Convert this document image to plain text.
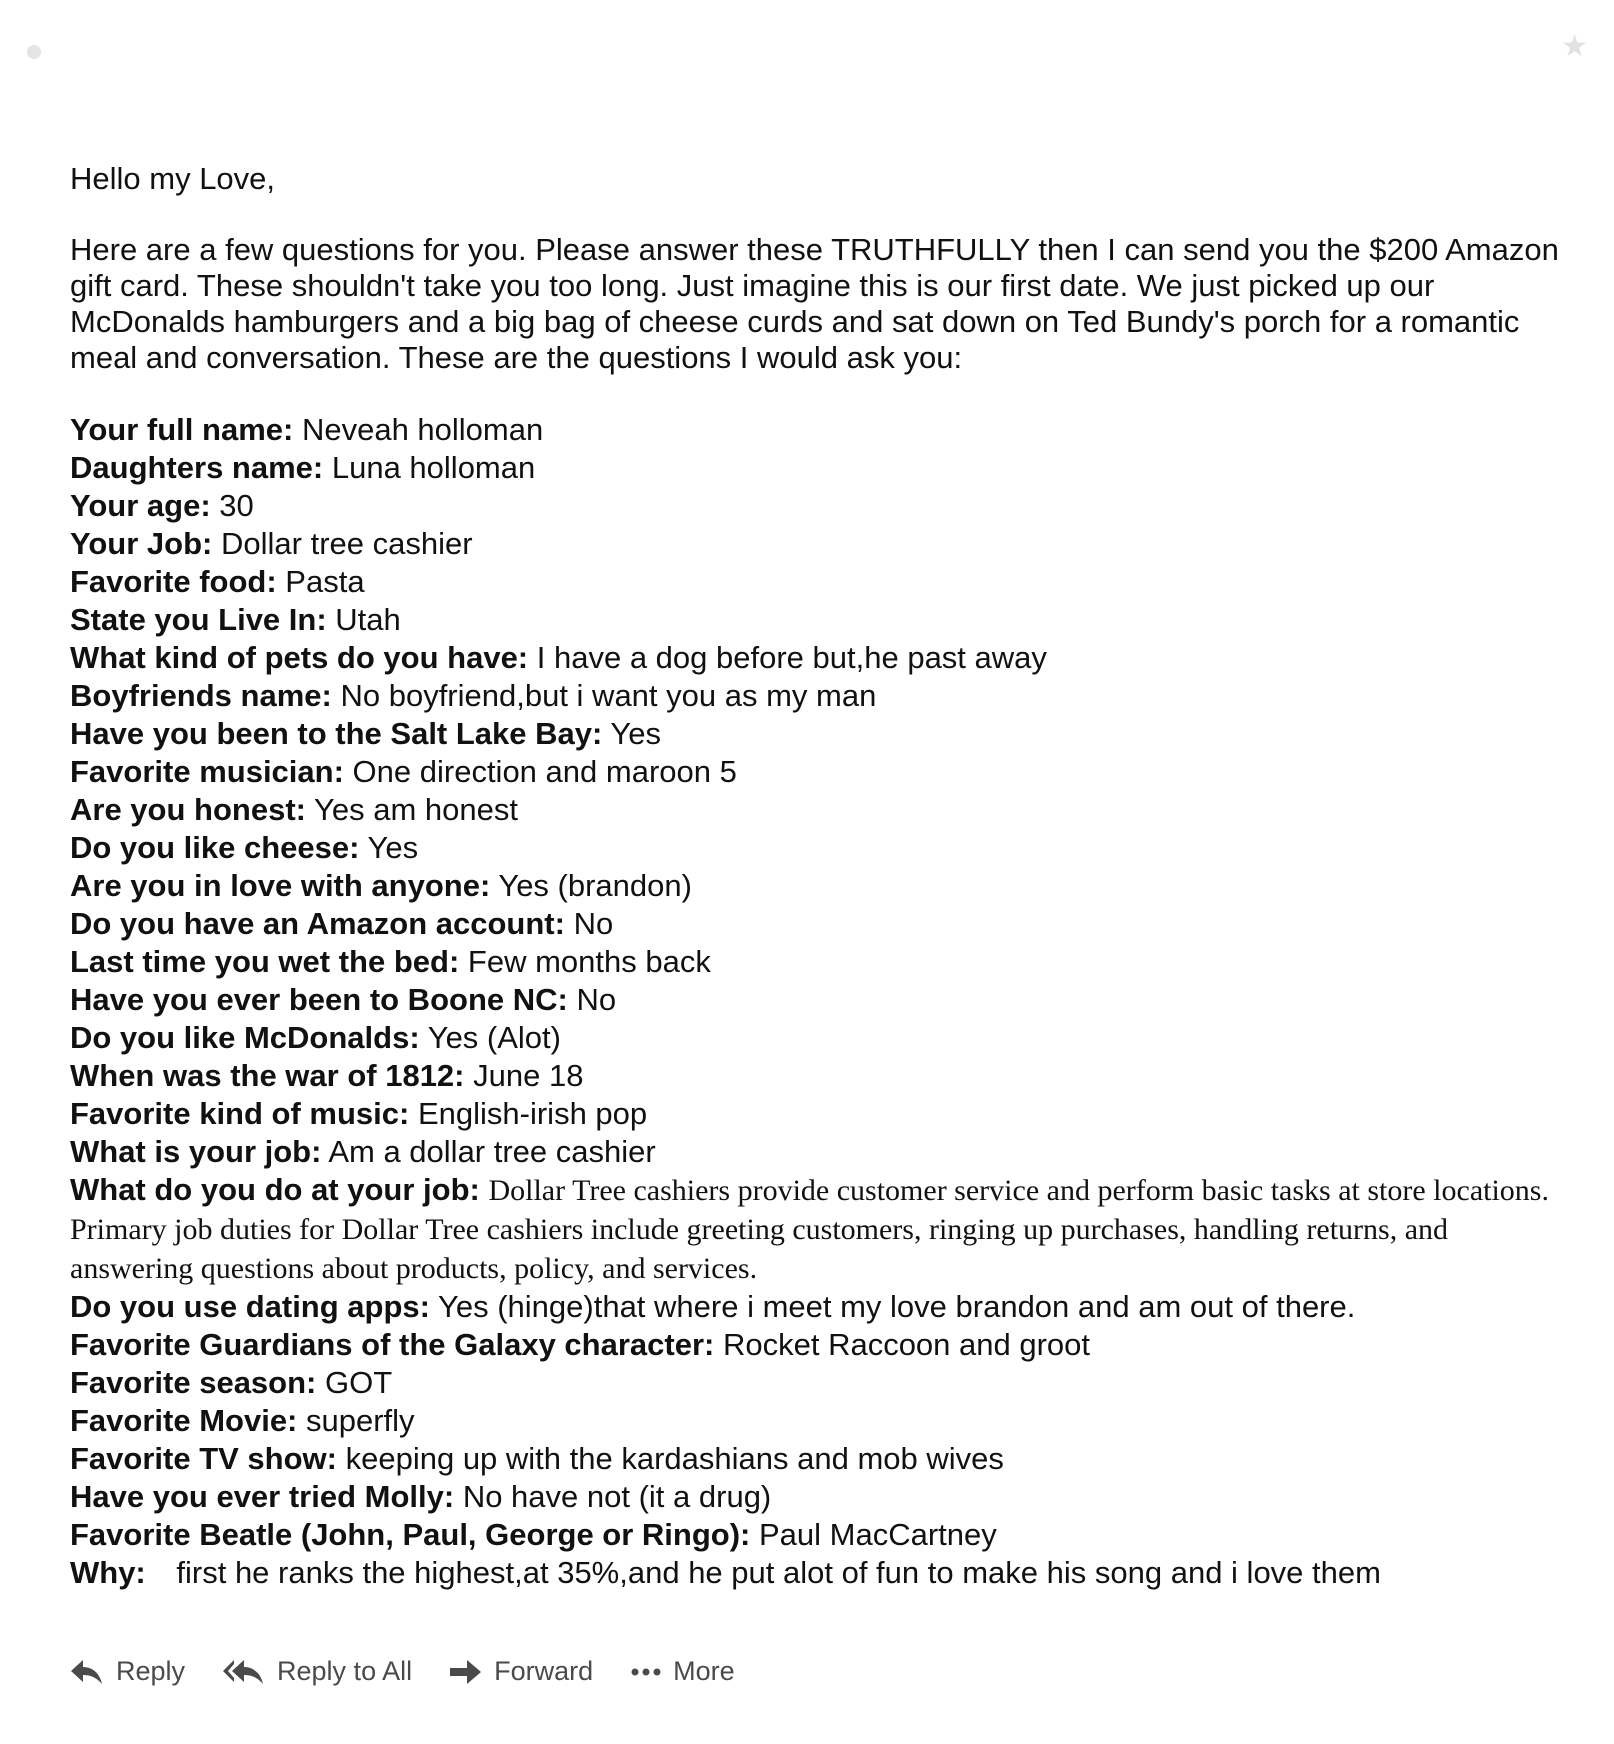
★

Hello my Love,

Here are a few questions for you. Please answer these TRUTHFULLY then I can send you the $200 Amazon gift card. These shouldn't take you too long. Just imagine this is our first date. We just picked up our McDonalds hamburgers and a big bag of cheese curds and sat down on Ted Bundy's porch for a romantic meal and conversation. These are the questions I would ask you:

Your full name: Neveah holloman

Daughters name: Luna holloman

Your age: 30

Your Job: Dollar tree cashier

Favorite food: Pasta

State you Live In: Utah

What kind of pets do you have: I have a dog before but,he past away

Boyfriends name: No boyfriend,but i want you as my man

Have you been to the Salt Lake Bay: Yes

Favorite musician: One direction and maroon 5

Are you honest: Yes am honest

Do you like cheese: Yes

Are you in love with anyone: Yes (brandon)

Do you have an Amazon account: No

Last time you wet the bed: Few months back

Have you ever been to Boone NC: No

Do you like McDonalds: Yes (Alot)

When was the war of 1812: June 18

Favorite kind of music: English-irish pop

What is your job: Am a dollar tree cashier

What do you do at your job: Dollar Tree cashiers provide customer service and perform basic tasks at store locations. Primary job duties for Dollar Tree cashiers include greeting customers, ringing up purchases, handling returns, and answering questions about products, policy, and services.

Do you use dating apps: Yes (hinge)that where i meet my love brandon and am out of there.

Favorite Guardians of the Galaxy character: Rocket Raccoon and groot

Favorite season: GOT

Favorite Movie: superfly

Favorite TV show: keeping up with the kardashians and mob wives

Have you ever tried Molly: No have not (it a drug)

Favorite Beatle (John, Paul, George or Ringo): Paul MacCartney

Why: first he ranks the highest,at 35%,and he put alot of fun to make his song and i love them

Reply	Reply to All	Forward	More
